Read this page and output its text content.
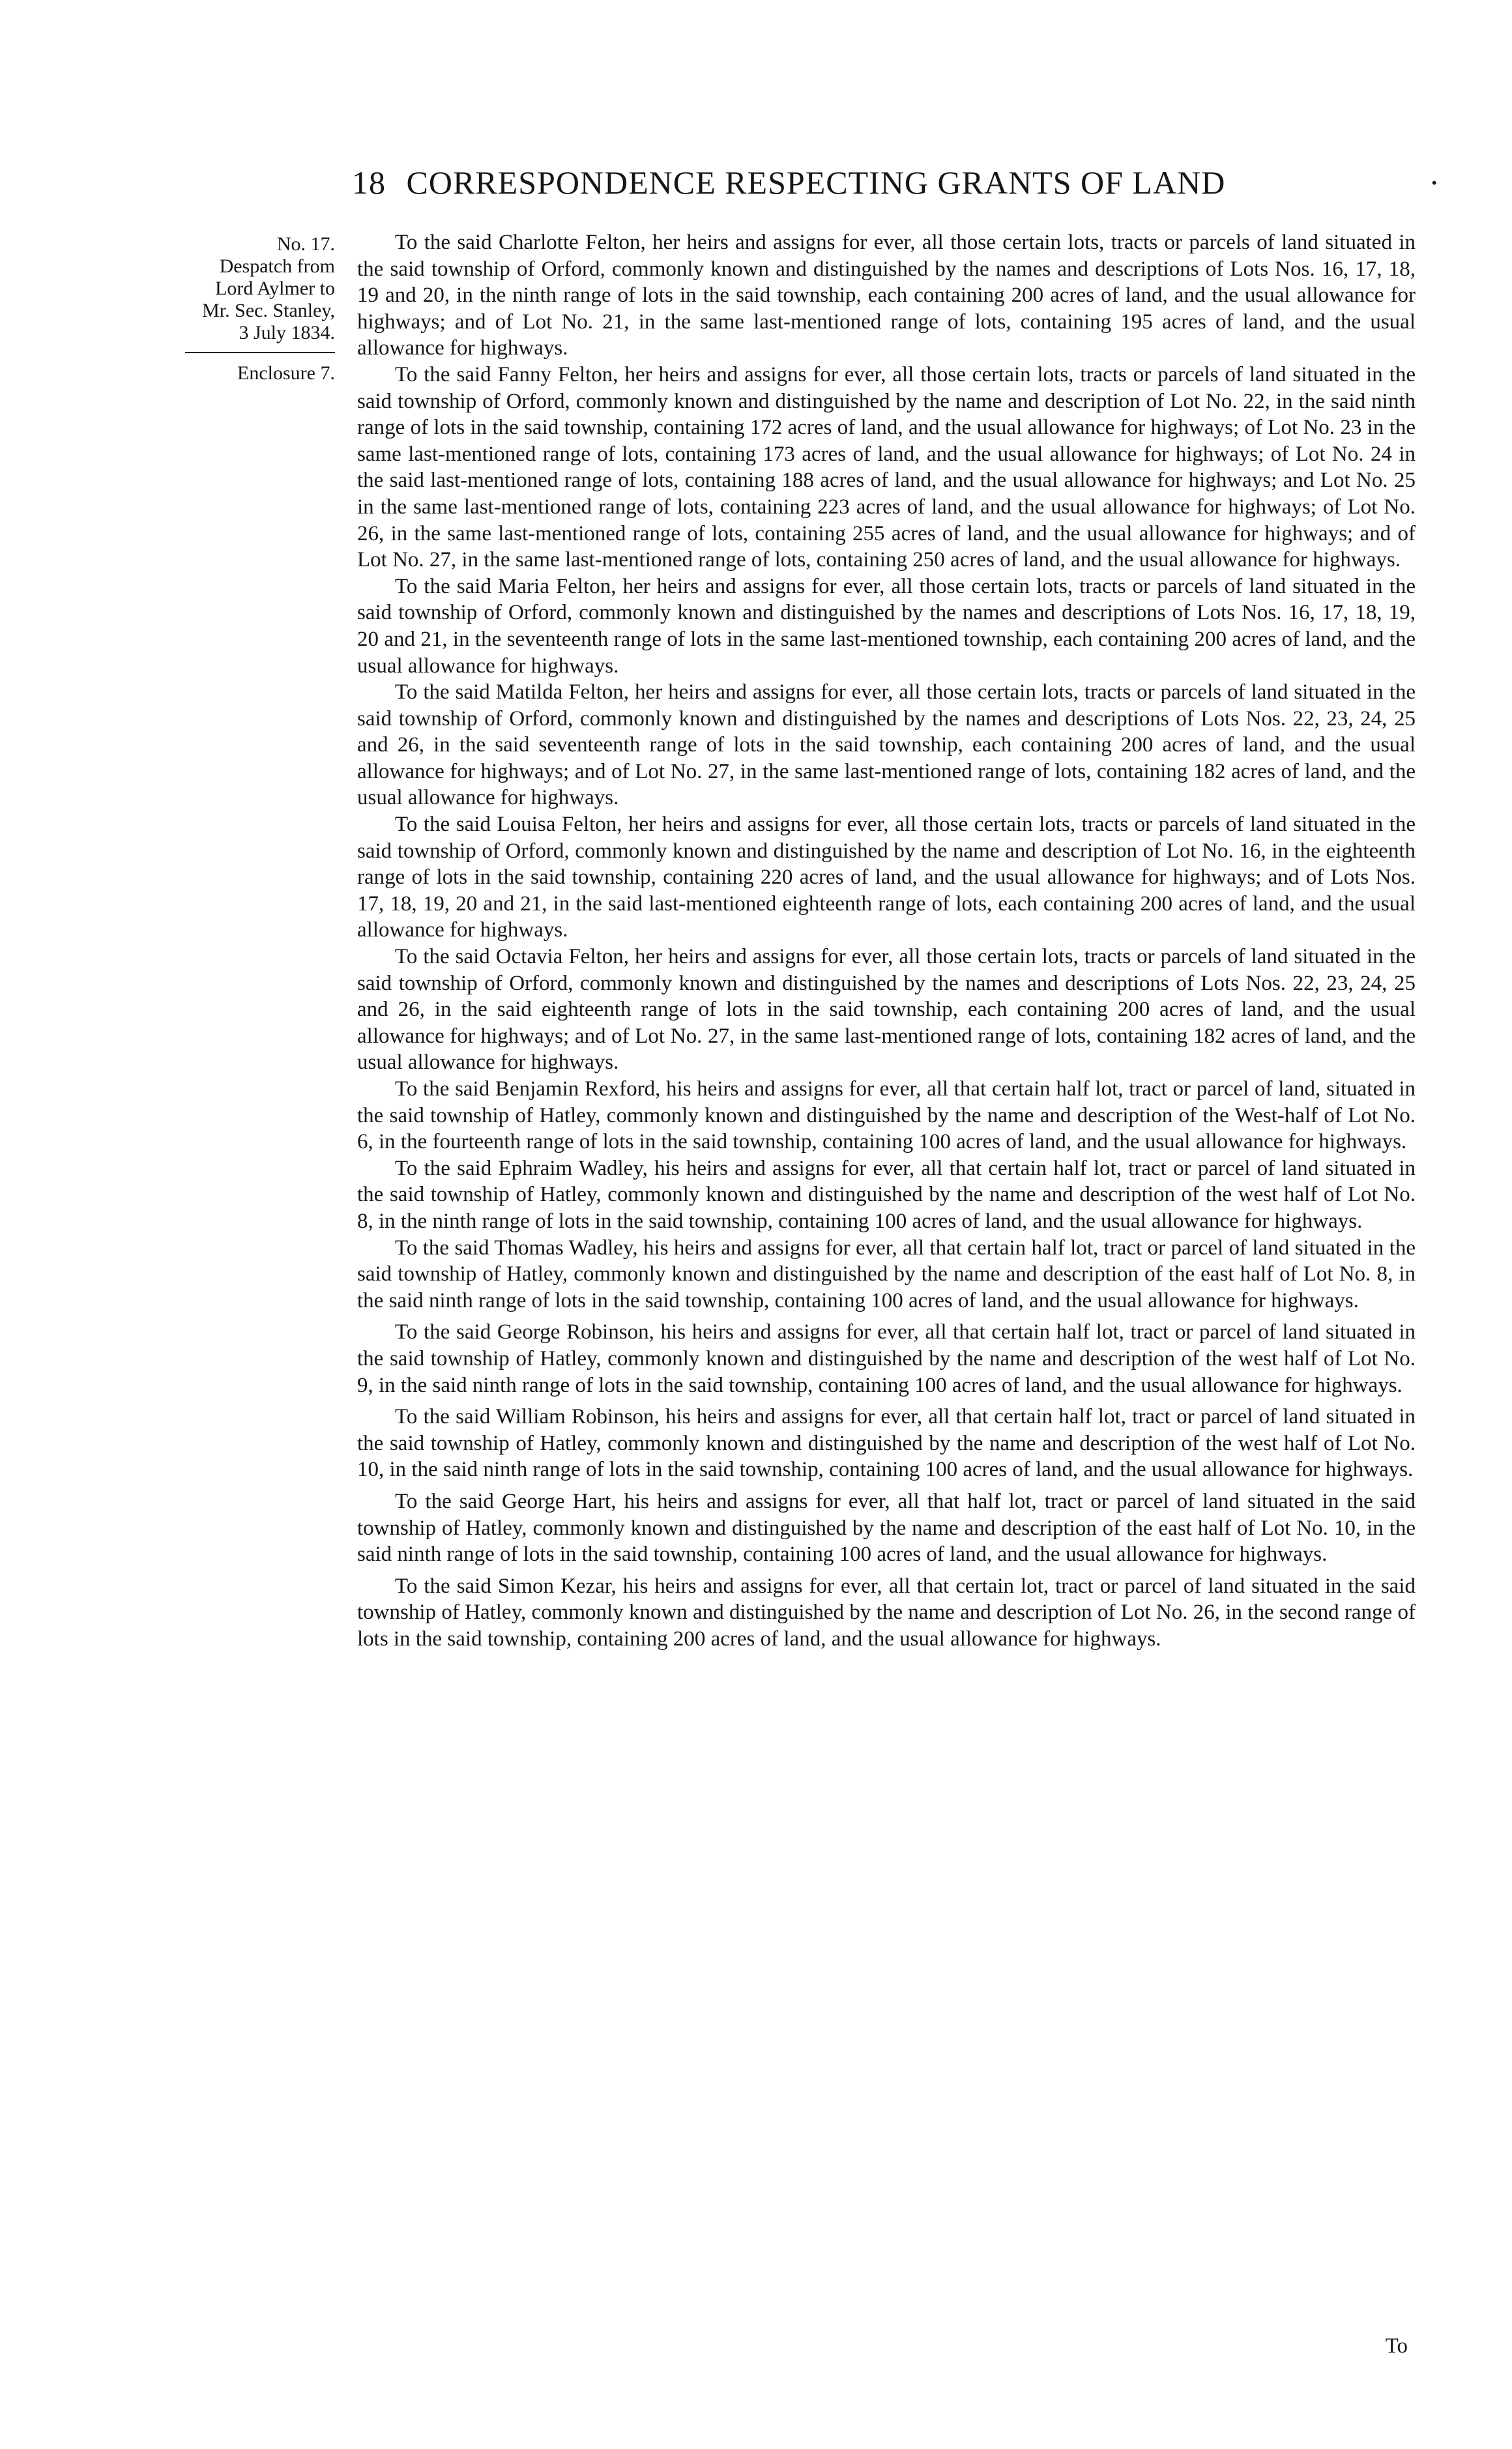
18 CORRESPONDENCE RESPECTING GRANTS OF LAND	·
No. 17.
Despatch from
Lord Aylmer to
Mr. Sec. Stanley,
3 July 1834.
Enclosure 7.

To the said Charlotte Felton, her heirs and assigns for ever, all those certain lots, tracts or parcels of land situated in the said township of Orford, commonly known and distinguished by the names and descriptions of Lots Nos. 16, 17, 18, 19 and 20, in the ninth range of lots in the said township, each containing 200 acres of land, and the usual allowance for highways; and of Lot No. 21, in the same last-mentioned range of lots, containing 195 acres of land, and the usual allowance for highways.

To the said Fanny Felton, her heirs and assigns for ever, all those certain lots, tracts or parcels of land situated in the said township of Orford, commonly known and distinguished by the name and description of Lot No. 22, in the said ninth range of lots in the said township, containing 172 acres of land, and the usual allowance for highways; of Lot No. 23 in the same last-mentioned range of lots, containing 173 acres of land, and the usual allowance for highways; of Lot No. 24 in the said last-mentioned range of lots, containing 188 acres of land, and the usual allowance for highways; and Lot No. 25 in the same last-mentioned range of lots, containing 223 acres of land, and the usual allowance for highways; of Lot No. 26, in the same last-mentioned range of lots, containing 255 acres of land, and the usual allowance for highways; and of Lot No. 27, in the same last-mentioned range of lots, containing 250 acres of land, and the usual allowance for highways.

To the said Maria Felton, her heirs and assigns for ever, all those certain lots, tracts or parcels of land situated in the said township of Orford, commonly known and distinguished by the names and descriptions of Lots Nos. 16, 17, 18, 19, 20 and 21, in the seventeenth range of lots in the same last-mentioned township, each containing 200 acres of land, and the usual allowance for highways.

To the said Matilda Felton, her heirs and assigns for ever, all those certain lots, tracts or parcels of land situated in the said township of Orford, commonly known and distinguished by the names and descriptions of Lots Nos. 22, 23, 24, 25 and 26, in the said seventeenth range of lots in the said township, each containing 200 acres of land, and the usual allowance for highways; and of Lot No. 27, in the same last-mentioned range of lots, containing 182 acres of land, and the usual allowance for highways.

To the said Louisa Felton, her heirs and assigns for ever, all those certain lots, tracts or parcels of land situated in the said township of Orford, commonly known and distinguished by the name and description of Lot No. 16, in the eighteenth range of lots in the said township, containing 220 acres of land, and the usual allowance for highways; and of Lots Nos. 17, 18, 19, 20 and 21, in the said last-mentioned eighteenth range of lots, each containing 200 acres of land, and the usual allowance for highways.

To the said Octavia Felton, her heirs and assigns for ever, all those certain lots, tracts or parcels of land situated in the said township of Orford, commonly known and distinguished by the names and descriptions of Lots Nos. 22, 23, 24, 25 and 26, in the said eighteenth range of lots in the said township, each containing 200 acres of land, and the usual allowance for highways; and of Lot No. 27, in the same last-mentioned range of lots, containing 182 acres of land, and the usual allowance for highways.

To the said Benjamin Rexford, his heirs and assigns for ever, all that certain half lot, tract or parcel of land, situated in the said township of Hatley, commonly known and distinguished by the name and description of the West-half of Lot No. 6, in the fourteenth range of lots in the said township, containing 100 acres of land, and the usual allowance for highways.

To the said Ephraim Wadley, his heirs and assigns for ever, all that certain half lot, tract or parcel of land situated in the said township of Hatley, commonly known and distinguished by the name and description of the west half of Lot No. 8, in the ninth range of lots in the said township, containing 100 acres of land, and the usual allowance for highways.

To the said Thomas Wadley, his heirs and assigns for ever, all that certain half lot, tract or parcel of land situated in the said township of Hatley, commonly known and distinguished by the name and description of the east half of Lot No. 8, in the said ninth range of lots in the said township, containing 100 acres of land, and the usual allowance for highways.

To the said George Robinson, his heirs and assigns for ever, all that certain half lot, tract or parcel of land situated in the said township of Hatley, commonly known and distinguished by the name and description of the west half of Lot No. 9, in the said ninth range of lots in the said township, containing 100 acres of land, and the usual allowance for highways.

To the said William Robinson, his heirs and assigns for ever, all that certain half lot, tract or parcel of land situated in the said township of Hatley, commonly known and distinguished by the name and description of the west half of Lot No. 10, in the said ninth range of lots in the said township, containing 100 acres of land, and the usual allowance for highways.

To the said George Hart, his heirs and assigns for ever, all that half lot, tract or parcel of land situated in the said township of Hatley, commonly known and distinguished by the name and description of the east half of Lot No. 10, in the said ninth range of lots in the said township, containing 100 acres of land, and the usual allowance for highways.

To the said Simon Kezar, his heirs and assigns for ever, all that certain lot, tract or parcel of land situated in the said township of Hatley, commonly known and distinguished by the name and description of Lot No. 26, in the second range of lots in the said township, containing 200 acres of land, and the usual allowance for highways.

To
